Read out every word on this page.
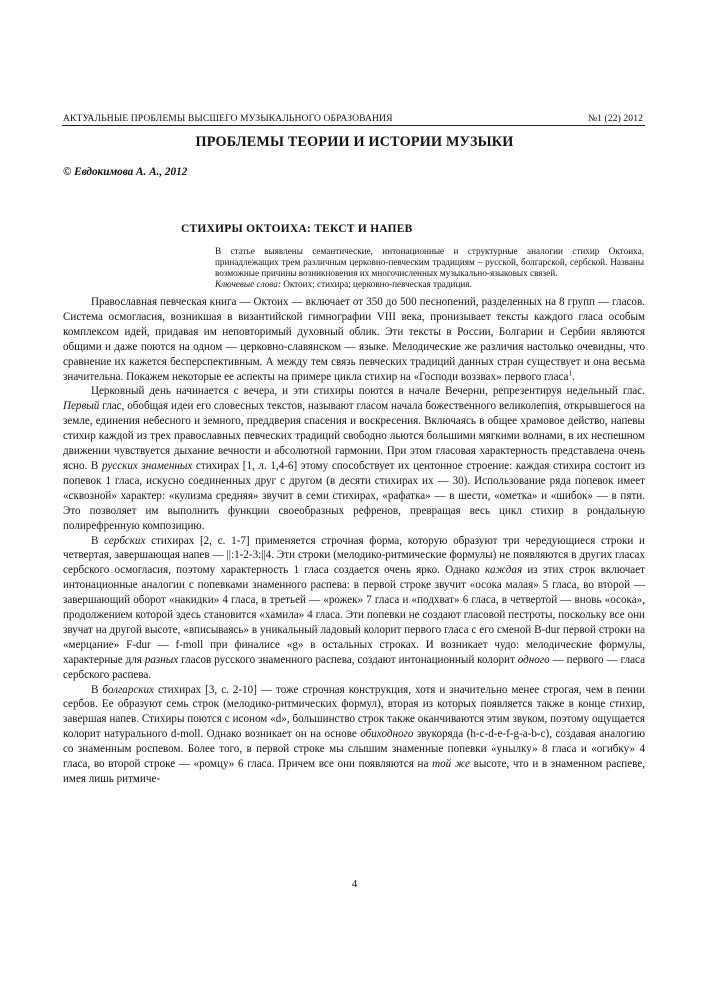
АКТУАЛЬНЫЕ ПРОБЛЕМЫ ВЫСШЕГО МУЗЫКАЛЬНОГО ОБРАЗОВАНИЯ	№1 (22) 2012
ПРОБЛЕМЫ ТЕОРИИ И ИСТОРИИ МУЗЫКИ
© Евдокимова А. А., 2012
СТИХИРЫ ОКТОИХА: ТЕКСТ И НАПЕВ

В статье выявлены семантические, интонационные и структурные аналогии стихир Октоиха, принадлежащих трем различным церковно-певческим традициям – русской, болгарской, сербской. Названы возможные причины возникновения их многочисленных музыкально-языковых связей.

Ключевые слова: Октоих; стихира; церковно-певческая традиция.

Православная певческая книга — Октоих — включает от 350 до 500 песнопений, разделенных на 8 групп — гласов. Система осмогласия, возникшая в византийской гимнографии VIII века, пронизывает тексты каждого гласа особым комплексом идей, придавая им неповторимый духовный облик. Эти тексты в России, Болгарии и Сербии являются общими и даже поются на одном — церковно-славянском — языке. Мелодические же различия настолько очевидны, что сравнение их кажется бесперспективным. А между тем связь певческих традиций данных стран существует и она весьма значительна. Покажем некоторые ее аспекты на примере цикла стихир на «Господи воззвах» первого гласа$^1$.

Церковный день начинается с вечера, и эти стихиры поются в начале Вечерни, репрезентируя недельный глас. Первый глас, обобщая идеи его словесных текстов, называют гласом начала божественного великолепия, открывшегося на земле, единения небесного и земного, преддверия спасения и воскресения. Включаясь в общее храмовое действо, напевы стихир каждой из трех православных певческих традиций свободно льются большими мягкими волнами, в их неспешном движении чувствуется дыхание вечности и абсолютной гармонии. При этом гласовая характерность представлена очень ясно. В русских знаменных стихирах [1, л. 1,4-6] этому способствует их центонное строение: каждая стихира состоит из попевок 1 гласа, искусно соединенных друг с другом (в десяти стихирах их — 30). Использование ряда попевок имеет «сквозной» характер: «кулизма средняя» звучит в семи стихирах, «рафатка» — в шести, «ометка» и «шибок» — в пяти. Это позволяет им выполнить функции своеобразных рефренов, превращая весь цикл стихир в рондальную полирефренную композицию.

В сербских стихирах [2, с. 1-7] применяется строчная форма, которую образуют три чередующиеся строки и четвертая, завершающая напев — ||:1-2-3:||4. Эти строки (мелодико-ритмические формулы) не появляются в других гласах сербского осмогласия, поэтому характерность 1 гласа создается очень ярко. Однако каждая из этих строк включает интонационные аналогии с попевками знаменного распева: в первой строке звучит «осока малая» 5 гласа, во второй — завершающий оборот «накидки» 4 гласа, в третьей — «рожек» 7 гласа и «подхват» 6 гласа, в четвертой — вновь «осока», продолжением которой здесь становится «хамила» 4 гласа. Эти попевки не создают гласовой пестроты, поскольку все они звучат на другой высоте, «вписываясь» в уникальный ладовый колорит первого гласа с его сменой B-dur первой строки на «мерцание» F-dur — f-moll при финалисе «g» в остальных строках. И возникает чудо: мелодические формулы, характерные для разных гласов русского знаменного распева, создают интонационный колорит одного — первого — гласа сербского распева.

В болгарских стихирах [3, с. 2-10] — тоже строчная конструкция, хотя и значительно менее строгая, чем в пении сербов. Ее образуют семь строк (мелодико-ритмических формул), вторая из которых появляется также в конце стихир, завершая напев. Стихиры поются с исоном «d», большинство строк также оканчиваются этим звуком, поэтому ощущается колорит натурального d-moll. Однако возникает он на основе обиходного звукоряда (h-c-d-e-f-g-a-b-c), создавая аналогию со знаменным роспевом. Более того, в первой строке мы слышим знаменные попевки «унылку» 8 гласа и «огибку» 4 гласа, во второй строке — «ромцу» 6 гласа. Причем все они появляются на той же высоте, что и в знаменном распеве, имея лишь ритмиче-

4
